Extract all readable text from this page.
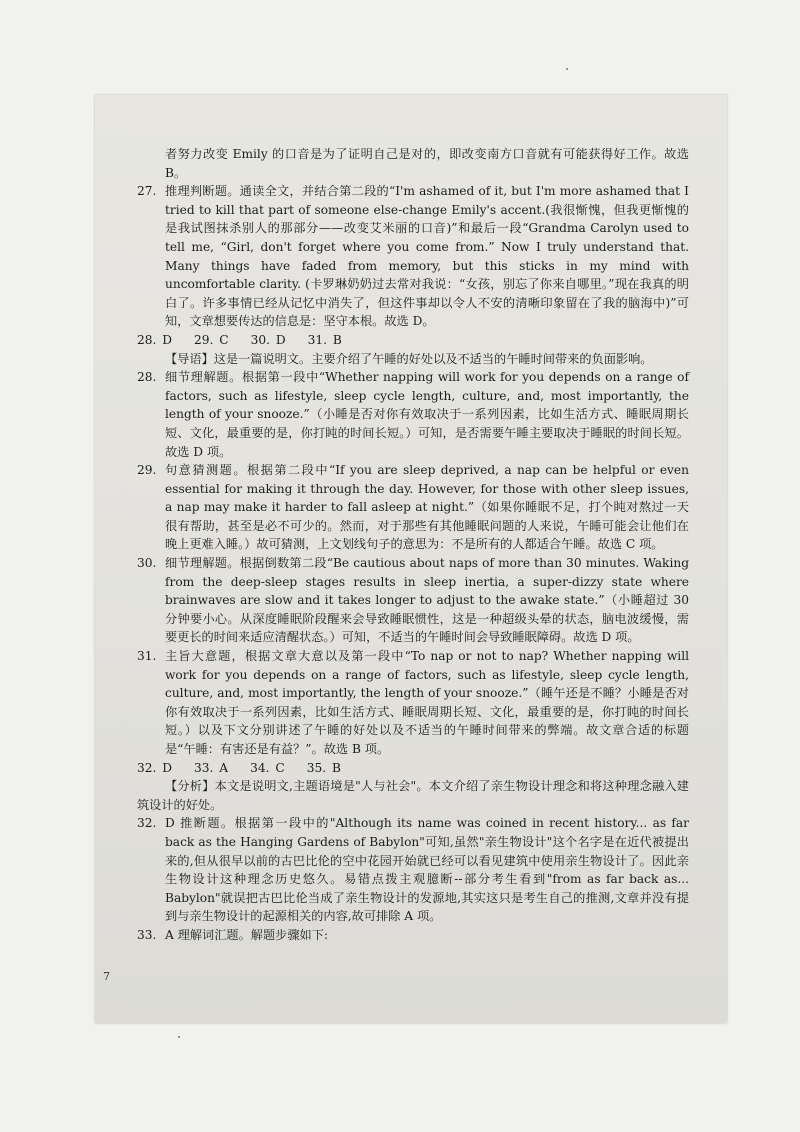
者努力改变 Emily 的口音是为了证明自己是对的，即改变南方口音就有可能获得好工作。故选 B。

27. 推理判断题。通读全文，并结合第二段的“I'm ashamed of it, but I'm more ashamed that I tried to kill that part of someone else-change Emily's accent.(我很惭愧，但我更惭愧的是我试图抹杀别人的那部分——改变艾米丽的口音)”和最后一段“Grandma Carolyn used to tell me, “Girl, don't forget where you come from.” Now I truly understand that. Many things have faded from memory, but this sticks in my mind with uncomfortable clarity. (卡罗琳奶奶过去常对我说：“女孩，别忘了你来自哪里。”现在我真的明白了。许多事情已经从记忆中消失了，但这件事却以令人不安的清晰印象留在了我的脑海中)”可知，文章想要传达的信息是：坚守本根。故选 D。
28. D 29. C 30. D 31. B

【导语】这是一篇说明文。主要介绍了午睡的好处以及不适当的午睡时间带来的负面影响。

28. 细节理解题。根据第一段中“Whether napping will work for you depends on a range of factors, such as lifestyle, sleep cycle length, culture, and, most importantly, the length of your snooze.”（小睡是否对你有效取决于一系列因素，比如生活方式、睡眠周期长短、文化，最重要的是，你打盹的时间长短。）可知，是否需要午睡主要取决于睡眠的时间长短。故选 D 项。
29. 句意猜测题。根据第二段中“If you are sleep deprived, a nap can be helpful or even essential for making it through the day. However, for those with other sleep issues, a nap may make it harder to fall asleep at night.”（如果你睡眠不足，打个盹对熬过一天很有帮助，甚至是必不可少的。然而，对于那些有其他睡眠问题的人来说，午睡可能会让他们在晚上更难入睡。）故可猜测，上文划线句子的意思为：不是所有的人都适合午睡。故选 C 项。
30. 细节理解题。根据倒数第二段“Be cautious about naps of more than 30 minutes. Waking from the deep-sleep stages results in sleep inertia, a super-dizzy state where brainwaves are slow and it takes longer to adjust to the awake state.”（小睡超过 30 分钟要小心。从深度睡眠阶段醒来会导致睡眠惯性，这是一种超级头晕的状态，脑电波缓慢，需要更长的时间来适应清醒状态。）可知，不适当的午睡时间会导致睡眠障碍。故选 D 项。
31. 主旨大意题，根据文章大意以及第一段中“To nap or not to nap? Whether napping will work for you depends on a range of factors, such as lifestyle, sleep cycle length, culture, and, most importantly, the length of your snooze.”（睡午还是不睡？小睡是否对你有效取决于一系列因素，比如生活方式、睡眠周期长短、文化，最重要的是，你打盹的时间长短。）以及下文分别讲述了午睡的好处以及不适当的午睡时间带来的弊端。故文章合适的标题是“午睡：有害还是有益？”。故选 B 项。
32. D 33. A 34. C 35. B

【分析】本文是说明文,主题语境是"人与社会"。本文介绍了亲生物设计理念和将这种理念融入建筑设计的好处。

32. D 推断题。根据第一段中的"Although its name was coined in recent history... as far back as the Hanging Gardens of Babylon"可知,虽然"亲生物设计"这个名字是在近代被提出来的,但从很早以前的古巴比伦的空中花园开始就已经可以看见建筑中使用亲生物设计了。因此亲生物设计这种理念历史悠久。易错点拨主观臆断--部分考生看到"from as far back as... Babylon"就误把古巴比伦当成了亲生物设计的发源地,其实这只是考生自己的推测,文章并没有提到与亲生物设计的起源相关的内容,故可排除 A 项。
33. A 理解词汇题。解题步骤如下:
7
